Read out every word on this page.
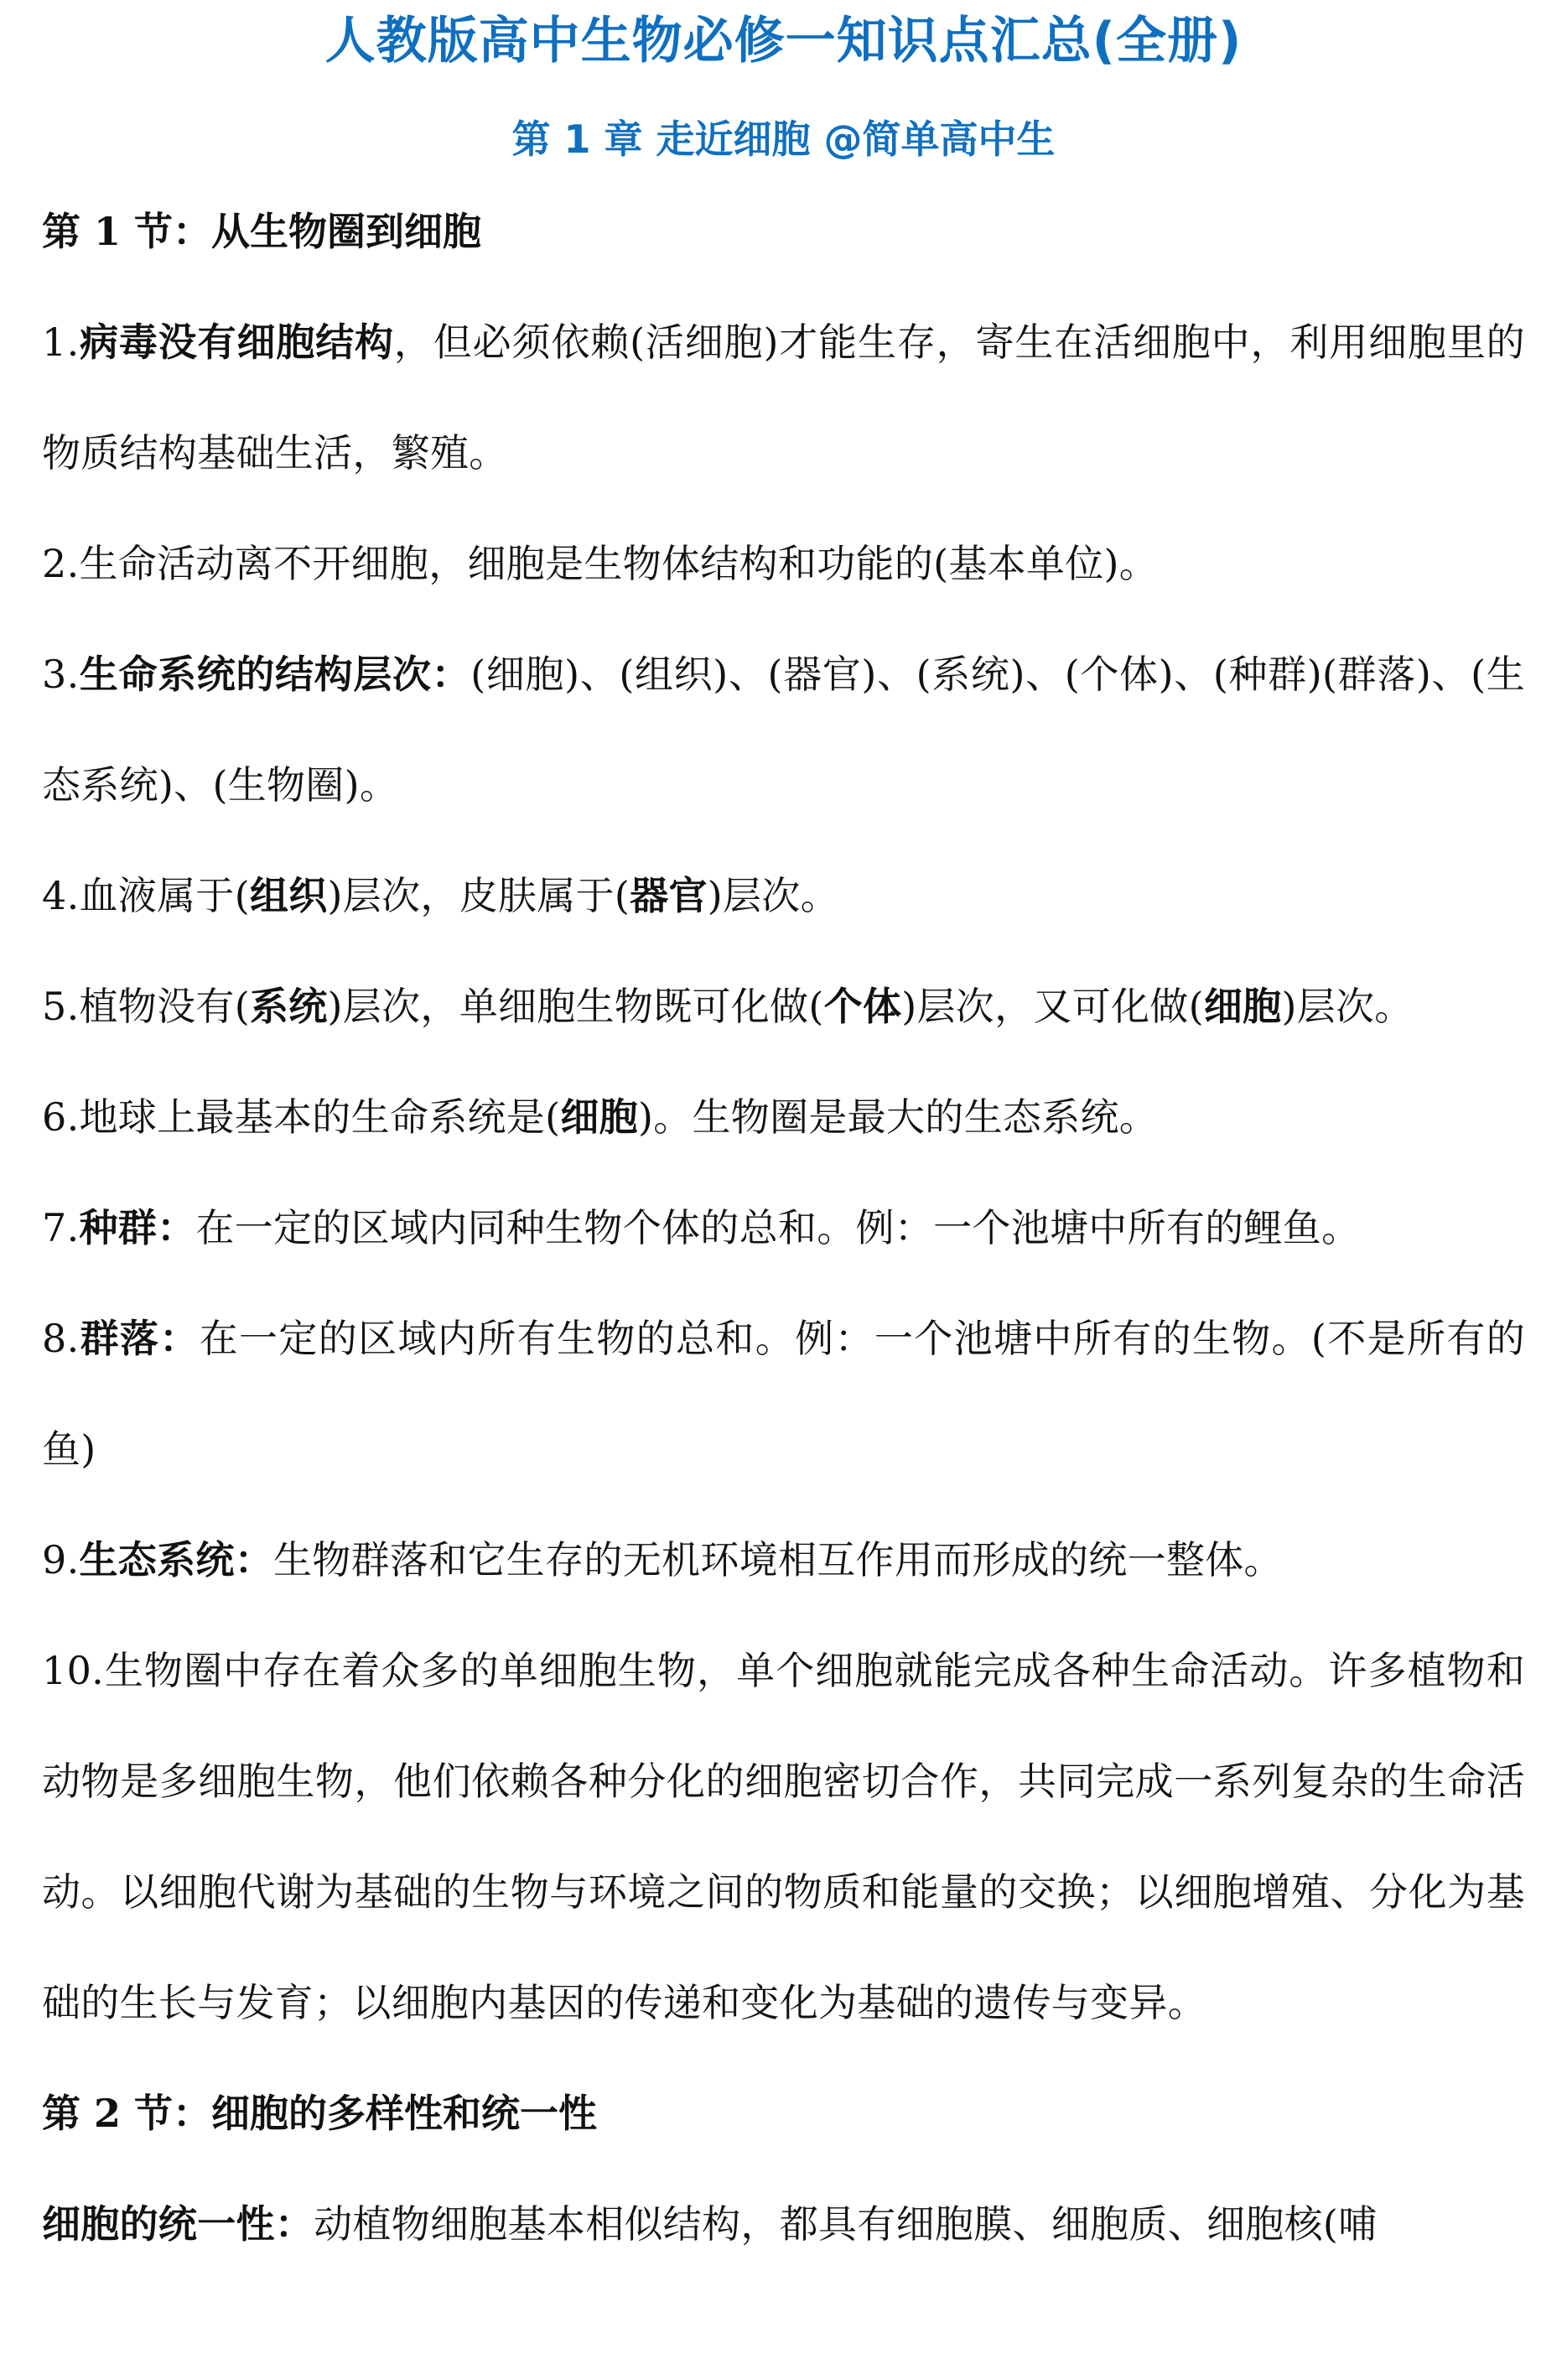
人教版高中生物必修一知识点汇总(全册)
第 1 章 走近细胞 @简单高中生
第 1 节：从生物圈到细胞

1.病毒没有细胞结构，但必须依赖(活细胞)才能生存，寄生在活细胞中，利用细胞里的物质结构基础生活，繁殖。

2.生命活动离不开细胞，细胞是生物体结构和功能的(基本单位)。

3.生命系统的结构层次：(细胞)、(组织)、(器官)、(系统)、(个体)、(种群)(群落)、(生态系统)、(生物圈)。

4.血液属于(组织)层次，皮肤属于(器官)层次。

5.植物没有(系统)层次，单细胞生物既可化做(个体)层次，又可化做(细胞)层次。

6.地球上最基本的生命系统是(细胞)。生物圈是最大的生态系统。

7.种群：在一定的区域内同种生物个体的总和。例：一个池塘中所有的鲤鱼。

8.群落：在一定的区域内所有生物的总和。例：一个池塘中所有的生物。(不是所有的鱼)

9.生态系统：生物群落和它生存的无机环境相互作用而形成的统一整体。

10.生物圈中存在着众多的单细胞生物，单个细胞就能完成各种生命活动。许多植物和动物是多细胞生物，他们依赖各种分化的细胞密切合作，共同完成一系列复杂的生命活动。以细胞代谢为基础的生物与环境之间的物质和能量的交换；以细胞增殖、分化为基础的生长与发育；以细胞内基因的传递和变化为基础的遗传与变异。

第 2 节：细胞的多样性和统一性

细胞的统一性：动植物细胞基本相似结构，都具有细胞膜、细胞质、细胞核(哺
